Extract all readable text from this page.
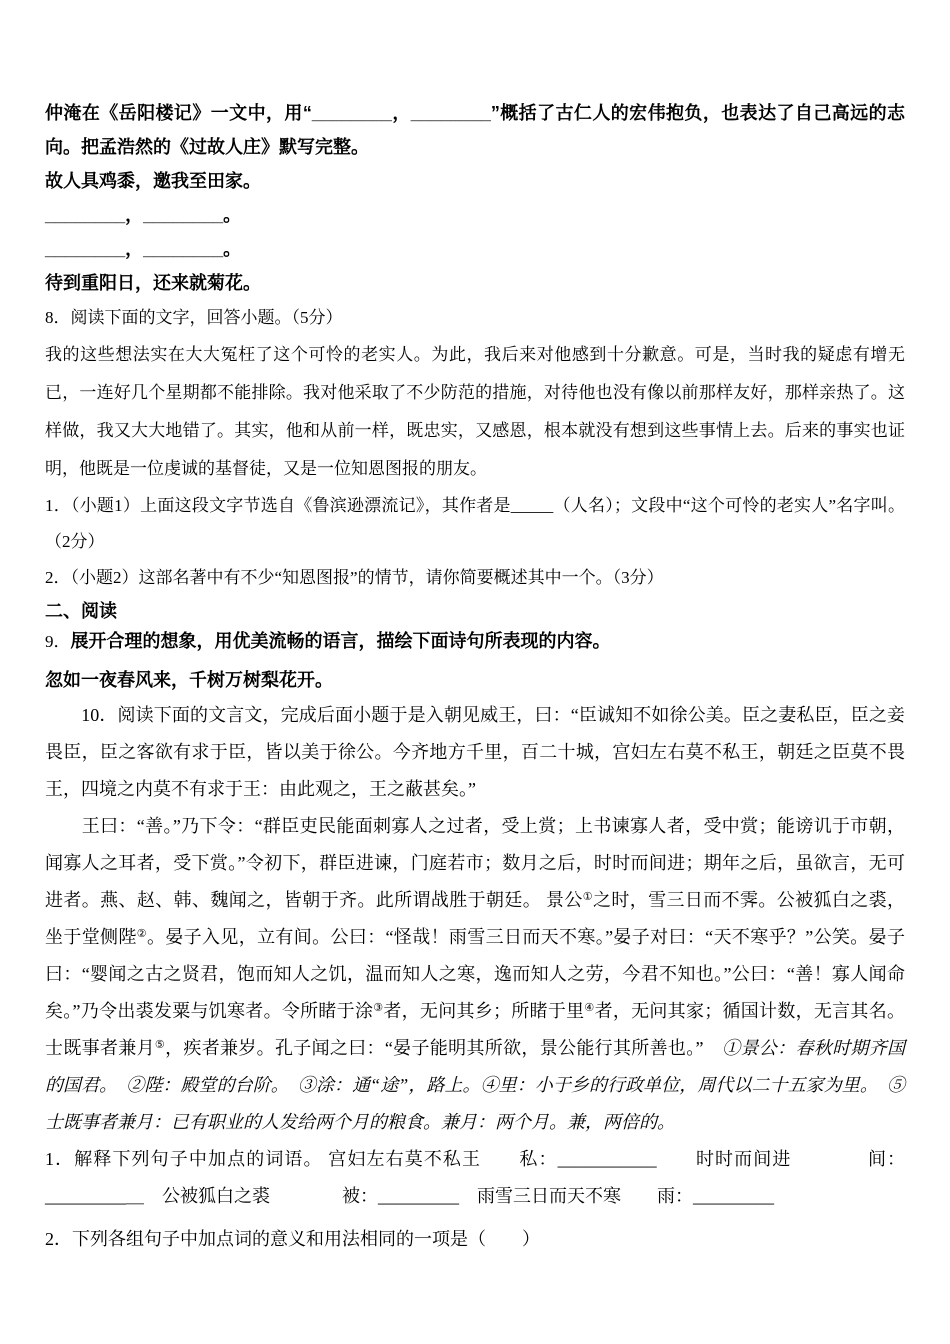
仲淹在《岳阳楼记》一文中，用“________，________”概括了古仁人的宏伟抱负，也表达了自己高远的志向。把孟浩然的《过故人庄》默写完整。

故人具鸡黍，邀我至田家。

________，________。

________，________。

待到重阳日，还来就菊花。

8．阅读下面的文字，回答小题。（5分）

我的这些想法实在大大冤枉了这个可怜的老实人。为此，我后来对他感到十分歉意。可是，当时我的疑虑有增无已，一连好几个星期都不能排除。我对他采取了不少防范的措施，对待他也没有像以前那样友好，那样亲热了。这样做，我又大大地错了。其实，他和从前一样，既忠实，又感恩，根本就没有想到这些事情上去。后来的事实也证明，他既是一位虔诚的基督徒，又是一位知恩图报的朋友。

1．（小题1）上面这段文字节选自《鲁滨逊漂流记》，其作者是_____（人名）；文段中“这个可怜的老实人”名字叫。（2分）

2．（小题2）这部名著中有不少“知恩图报”的情节，请你简要概述其中一个。（3分）

二、阅读

9．展开合理的想象，用优美流畅的语言，描绘下面诗句所表现的内容。

忽如一夜春风来，千树万树梨花开。

　　10．阅读下面的文言文，完成后面小题于是入朝见威王，曰：“臣诚知不如徐公美。臣之妻私臣，臣之妾畏臣，臣之客欲有求于臣，皆以美于徐公。今齐地方千里，百二十城，宫妇左右莫不私王，朝廷之臣莫不畏王，四境之内莫不有求于王：由此观之，王之蔽甚矣。”

　　王曰：“善。”乃下令：“群臣吏民能面刺寡人之过者，受上赏；上书谏寡人者，受中赏；能谤讥于市朝，闻寡人之耳者，受下赏。”令初下，群臣进谏，门庭若市；数月之后，时时而间进；期年之后，虽欲言，无可进者。燕、赵、韩、魏闻之，皆朝于齐。此所谓战胜于朝廷。 景公①之时，雪三日而不霁。公被狐白之裘，坐于堂侧陛②。晏子入见，立有间。公曰：“怪哉！雨雪三日而天不寒。”晏子对曰：“天不寒乎？”公笑。晏子曰：“婴闻之古之贤君，饱而知人之饥，温而知人之寒，逸而知人之劳，今君不知也。”公曰：“善！寡人闻命矣。”乃令出裘发粟与饥寒者。令所睹于涂③者，无问其乡；所睹于里④者，无问其家；循国计数，无言其名。士既事者兼月⑤，疾者兼岁。孔子闻之曰：“晏子能明其所欲，景公能行其所善也。”　①景公：春秋时期齐国的国君。　②陛：殿堂的台阶。　③涂：通“途”，路上。④里：小于乡的行政单位，周代以二十五家为里。　⑤士既事者兼月：已有职业的人发给两个月的粮食。兼月：两个月。兼，两倍的。

1．解释下列句子中加点的词语。 宫妇左右莫不私王　　私：___________　　时时而间进　　　　间：_________＿　公被狐白之裘　　　　被：_________　雨雪三日而天不寒　　雨：_________

2．下列各组句子中加点词的意义和用法相同的一项是（　　）
